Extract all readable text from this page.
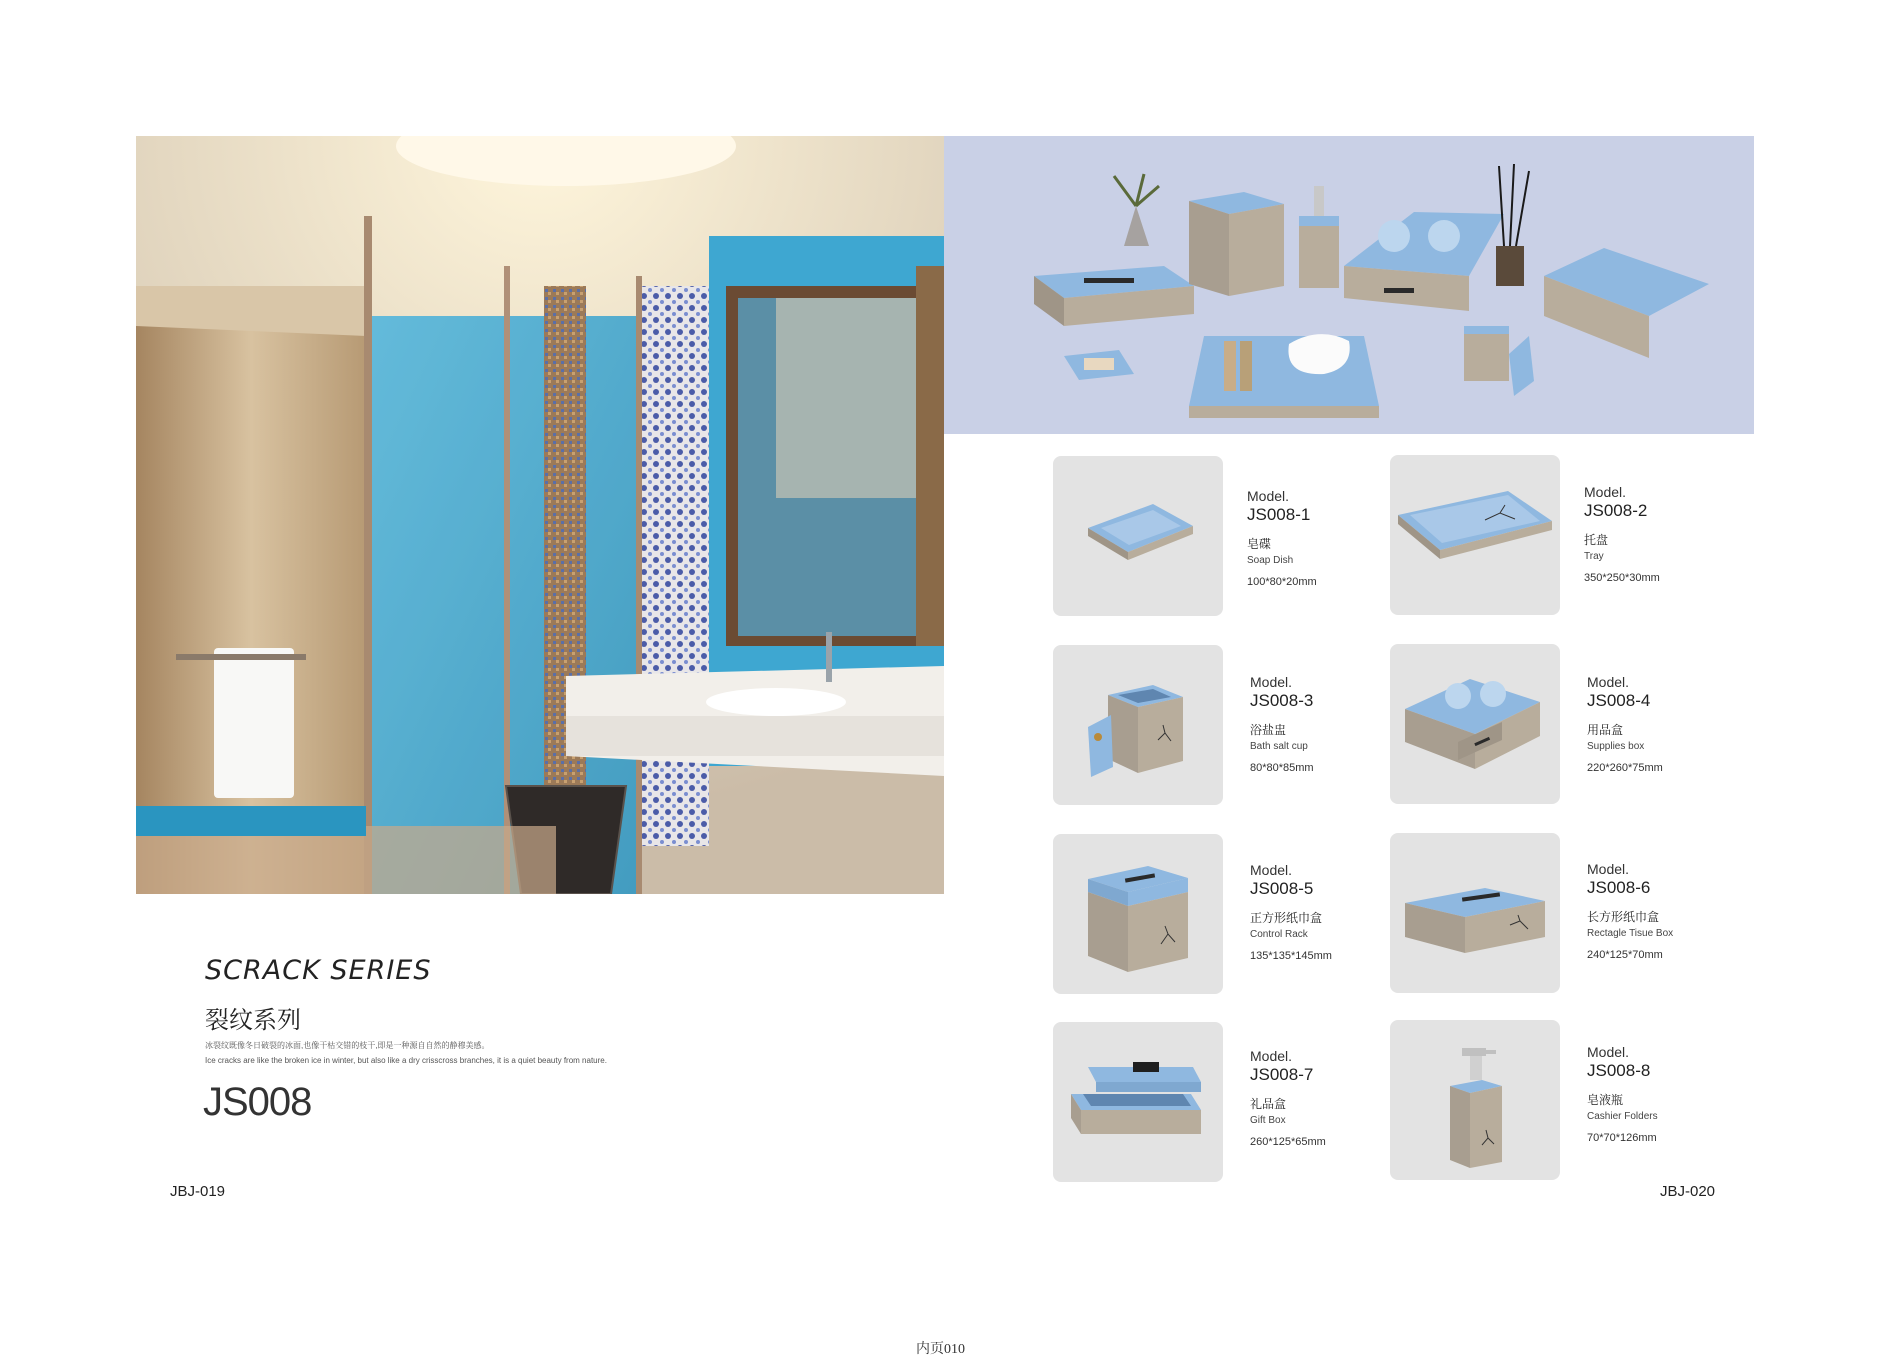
SCRACK SERIES
裂纹系列
冰裂纹既像冬日破裂的冰面,也像干枯交错的枝干,即是一种源自自然的静穆美感。
Ice cracks are like the broken ice in winter, but also like a dry crisscross branches, it is a quiet beauty from nature.
JS008
JBJ-019	JBJ-020
内页010
Model.
JS008-1
皂碟
Soap Dish
100*80*20mm
Model.
JS008-2
托盘
Tray
350*250*30mm
Model.
JS008-3
浴盐盅
Bath salt cup
80*80*85mm
Model.
JS008-4
用品盒
Supplies box
220*260*75mm
Model.
JS008-5
正方形纸巾盒
Control Rack
135*135*145mm
Model.
JS008-6
长方形纸巾盒
Rectagle Tisue Box
240*125*70mm
Model.
JS008-7
礼品盒
Gift Box
260*125*65mm
Model.
JS008-8
皂液瓶
Cashier Folders
70*70*126mm
